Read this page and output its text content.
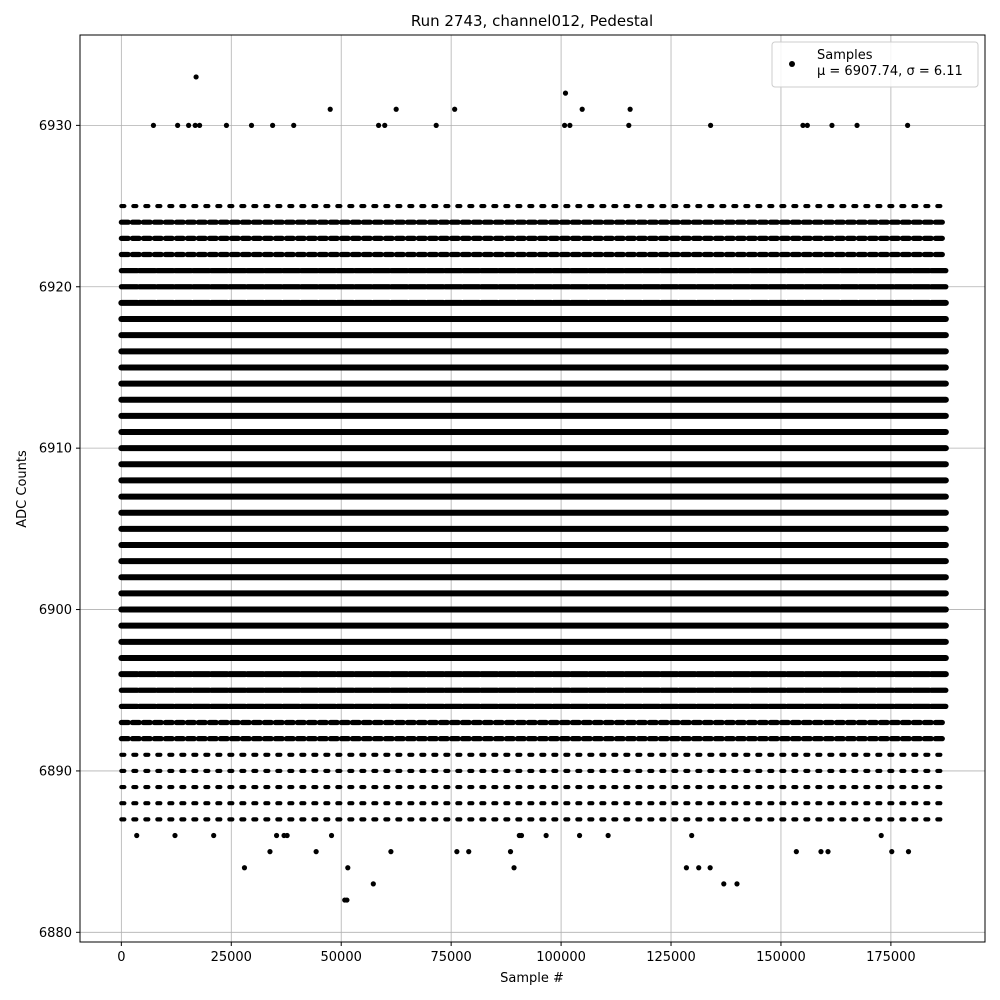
0	25000	50000	75000	100000	125000	150000	175000
6880
6890
6900
6910
6920
6930
Run 2743, channel012, Pedestal
Sample #
ADC Counts
Samples
μ = 6907.74, σ = 6.11
